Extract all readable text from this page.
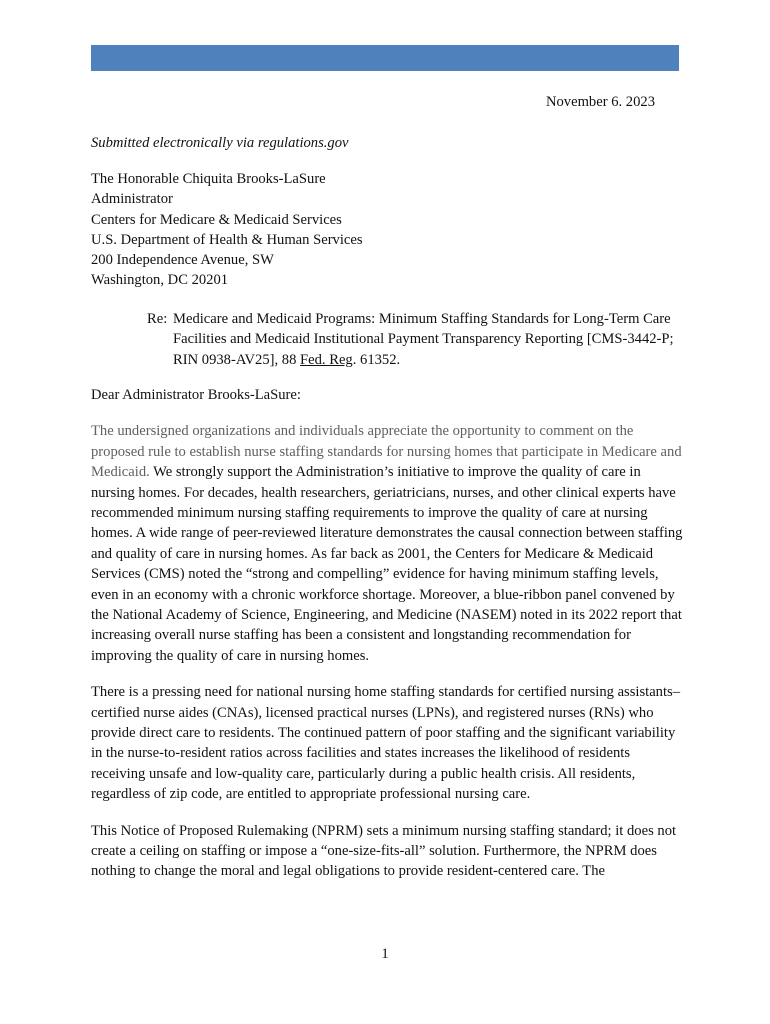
November 6. 2023

Submitted electronically via regulations.gov

The Honorable Chiquita Brooks-LaSure
Administrator
Centers for Medicare & Medicaid Services
U.S. Department of Health & Human Services
200 Independence Avenue, SW
Washington, DC 20201
Re: Medicare and Medicaid Programs: Minimum Staffing Standards for Long-Term Care Facilities and Medicaid Institutional Payment Transparency Reporting [CMS-3442-P; RIN 0938-AV25], 88 Fed. Reg. 61352.

Dear Administrator Brooks-LaSure:

The undersigned organizations and individuals appreciate the opportunity to comment on the proposed rule to establish nurse staffing standards for nursing homes that participate in Medicare and Medicaid. We strongly support the Administration’s initiative to improve the quality of care in nursing homes. For decades, health researchers, geriatricians, nurses, and other clinical experts have recommended minimum nursing staffing requirements to improve the quality of care at nursing homes. A wide range of peer-reviewed literature demonstrates the causal connection between staffing and quality of care in nursing homes. As far back as 2001, the Centers for Medicare & Medicaid Services (CMS) noted the “strong and compelling” evidence for having minimum staffing levels, even in an economy with a chronic workforce shortage. Moreover, a blue-ribbon panel convened by the National Academy of Science, Engineering, and Medicine (NASEM) noted in its 2022 report that increasing overall nurse staffing has been a consistent and longstanding recommendation for improving the quality of care in nursing homes.

There is a pressing need for national nursing home staffing standards for certified nursing assistants–certified nurse aides (CNAs), licensed practical nurses (LPNs), and registered nurses (RNs) who provide direct care to residents. The continued pattern of poor staffing and the significant variability in the nurse-to-resident ratios across facilities and states increases the likelihood of residents receiving unsafe and low-quality care, particularly during a public health crisis. All residents, regardless of zip code, are entitled to appropriate professional nursing care.

This Notice of Proposed Rulemaking (NPRM) sets a minimum nursing staffing standard; it does not create a ceiling on staffing or impose a “one-size-fits-all” solution. Furthermore, the NPRM does nothing to change the moral and legal obligations to provide resident-centered care. The

1
